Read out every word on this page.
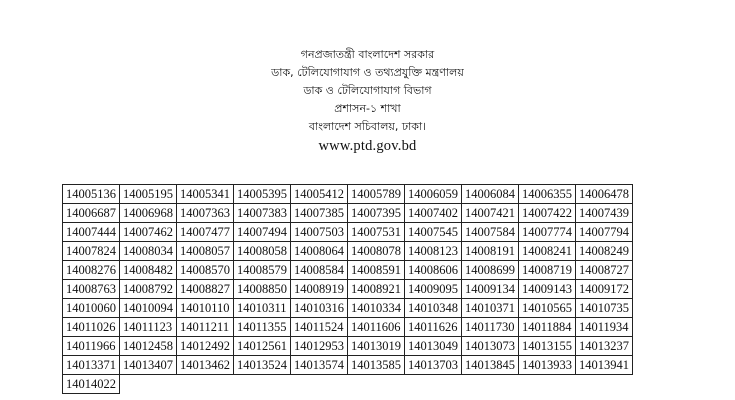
গনপ্রজাতন্ত্রী বাংলাদেশ সরকার
ডাক, টেলিযোগাযাগ ও তথ্যপ্রযুক্তি মন্ত্রণালয়
ডাক ও টেলিযোগাযাগ বিভাগ
প্রশাসন-১ শাখা
বাংলাদেশ সচিবালয়, ঢাকা।
www.ptd.gov.bd
14005136	14005195	14005341	14005395	14005412	14005789	14006059	14006084	14006355	14006478
14006687	14006968	14007363	14007383	14007385	14007395	14007402	14007421	14007422	14007439
14007444	14007462	14007477	14007494	14007503	14007531	14007545	14007584	14007774	14007794
14007824	14008034	14008057	14008058	14008064	14008078	14008123	14008191	14008241	14008249
14008276	14008482	14008570	14008579	14008584	14008591	14008606	14008699	14008719	14008727
14008763	14008792	14008827	14008850	14008919	14008921	14009095	14009134	14009143	14009172
14010060	14010094	14010110	14010311	14010316	14010334	14010348	14010371	14010565	14010735
14011026	14011123	14011211	14011355	14011524	14011606	14011626	14011730	14011884	14011934
14011966	14012458	14012492	14012561	14012953	14013019	14013049	14013073	14013155	14013237
14013371	14013407	14013462	14013524	14013574	14013585	14013703	14013845	14013933	14013941
14014022									
